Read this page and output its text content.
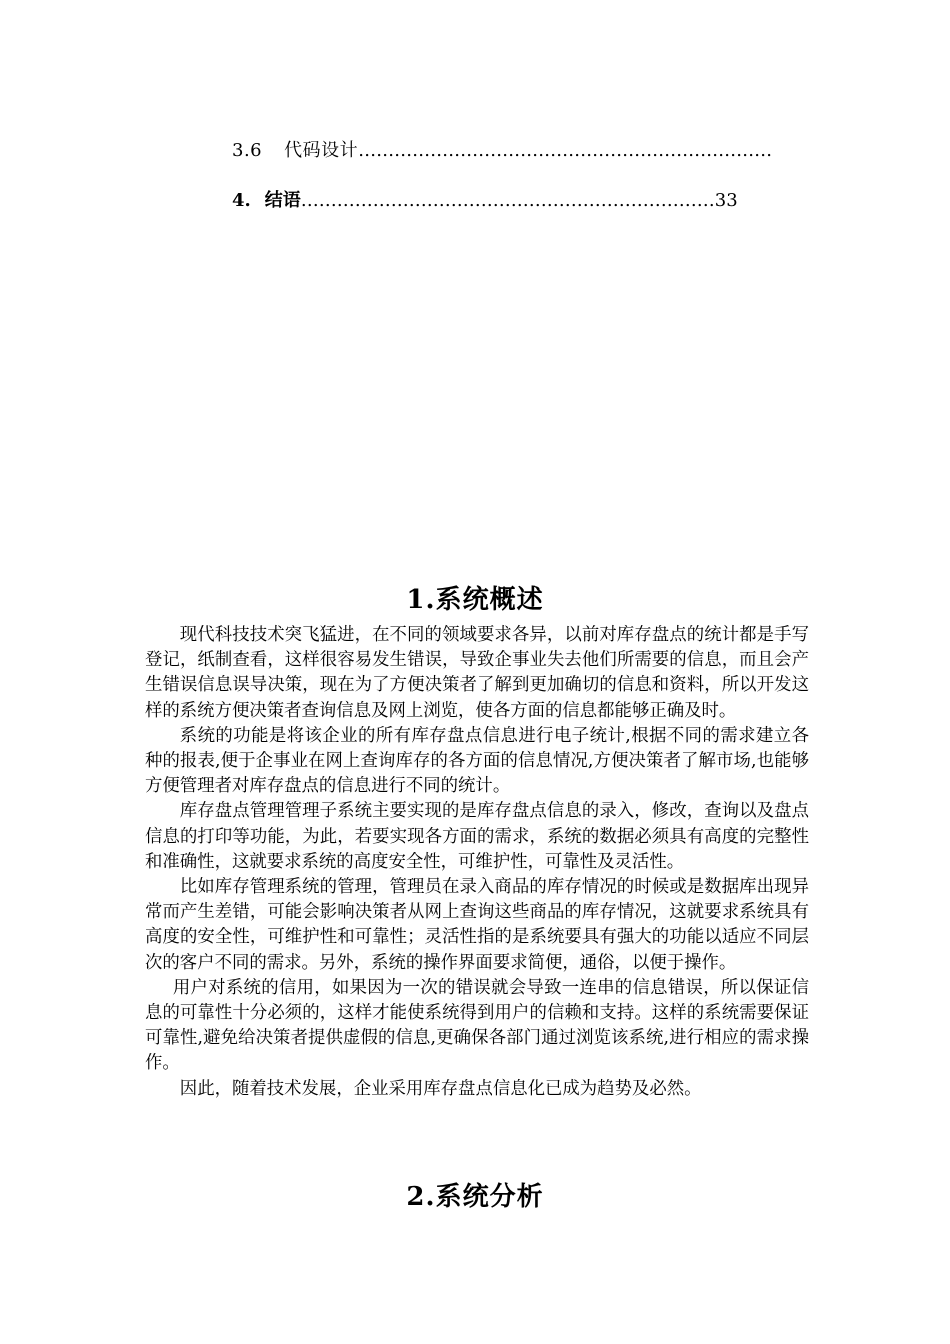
3.6 代码设计……………………………………………………………
4. 结语……………………………………………………………33
1.系统概述

现代科技技术突飞猛进，在不同的领域要求各异，以前对库存盘点的统计都是手写登记，纸制查看，这样很容易发生错误，导致企事业失去他们所需要的信息，而且会产生错误信息误导决策，现在为了方便决策者了解到更加确切的信息和资料，所以开发这样的系统方便决策者查询信息及网上浏览，使各方面的信息都能够正确及时。

系统的功能是将该企业的所有库存盘点信息进行电子统计,根据不同的需求建立各种的报表,便于企事业在网上查询库存的各方面的信息情况,方便决策者了解市场,也能够方便管理者对库存盘点的信息进行不同的统计。

库存盘点管理管理子系统主要实现的是库存盘点信息的录入，修改，查询以及盘点信息的打印等功能，为此，若要实现各方面的需求，系统的数据必须具有高度的完整性和准确性，这就要求系统的高度安全性，可维护性，可靠性及灵活性。

比如库存管理系统的管理，管理员在录入商品的库存情况的时候或是数据库出现异常而产生差错，可能会影响决策者从网上查询这些商品的库存情况，这就要求系统具有高度的安全性，可维护性和可靠性；灵活性指的是系统要具有强大的功能以适应不同层次的客户不同的需求。另外，系统的操作界面要求简便，通俗，以便于操作。

用户对系统的信用，如果因为一次的错误就会导致一连串的信息错误，所以保证信息的可靠性十分必须的，这样才能使系统得到用户的信赖和支持。这样的系统需要保证可靠性,避免给决策者提供虚假的信息,更确保各部门通过浏览该系统,进行相应的需求操作。

因此，随着技术发展，企业采用库存盘点信息化已成为趋势及必然。

2.系统分析
